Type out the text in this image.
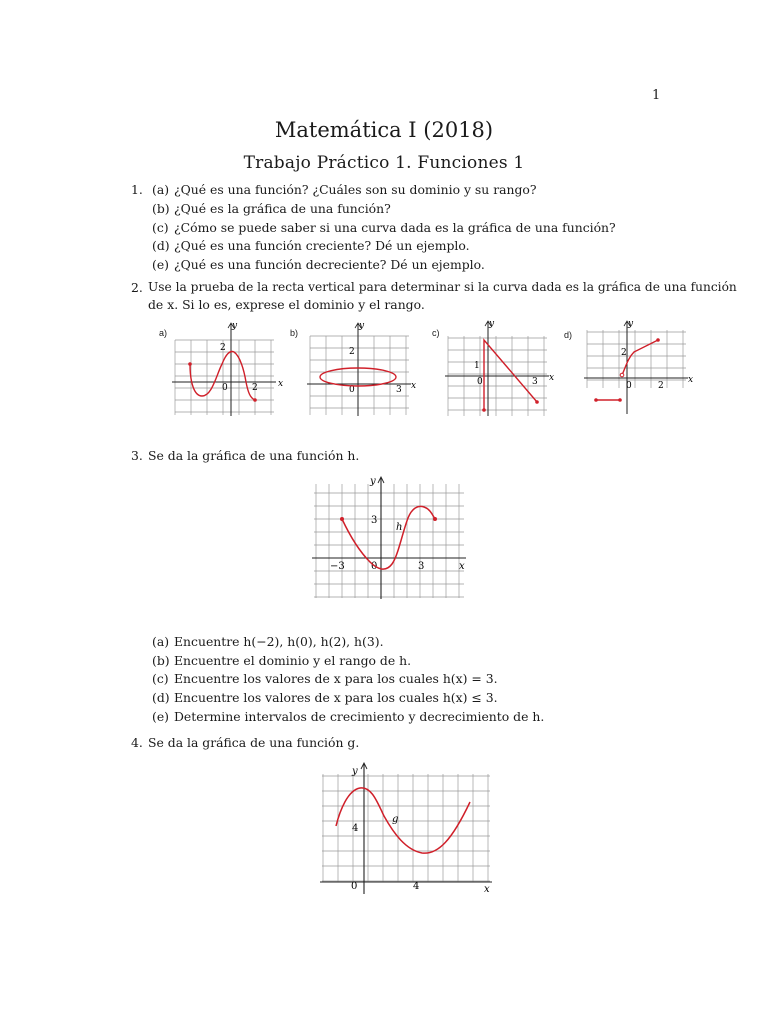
1
Matemática I (2018)
Trabajo Práctico 1. Funciones 1
1. (a) ¿Qué es una función? ¿Cuáles son su dominio y su rango?
(b) ¿Qué es la gráfica de una función?
(c) ¿Cómo se puede saber si una curva dada es la gráfica de una función?
(d) ¿Qué es una función creciente? Dé un ejemplo.
(e) ¿Qué es una función decreciente? Dé un ejemplo.
2. Use la prueba de la recta vertical para determinar si la curva dada es la gráfica de una función
de x. Si lo es, exprese el dominio y el rango.
a)	b)	c)	d)
y
x
2
0	2
y
x
2
0	3
y
x
1
0	3
y
x
2
0	2
3. Se da la gráfica de una función h.
y
x
3
−3	0	3
h
(a) Encuentre h(−2), h(0), h(2), h(3).
(b) Encuentre el dominio y el rango de h.
(c) Encuentre los valores de x para los cuales h(x) = 3.
(d) Encuentre los valores de x para los cuales h(x) ≤ 3.
(e) Determine intervalos de crecimiento y decrecimiento de h.
4. Se da la gráfica de una función g.
y
x
4
0	4
g
